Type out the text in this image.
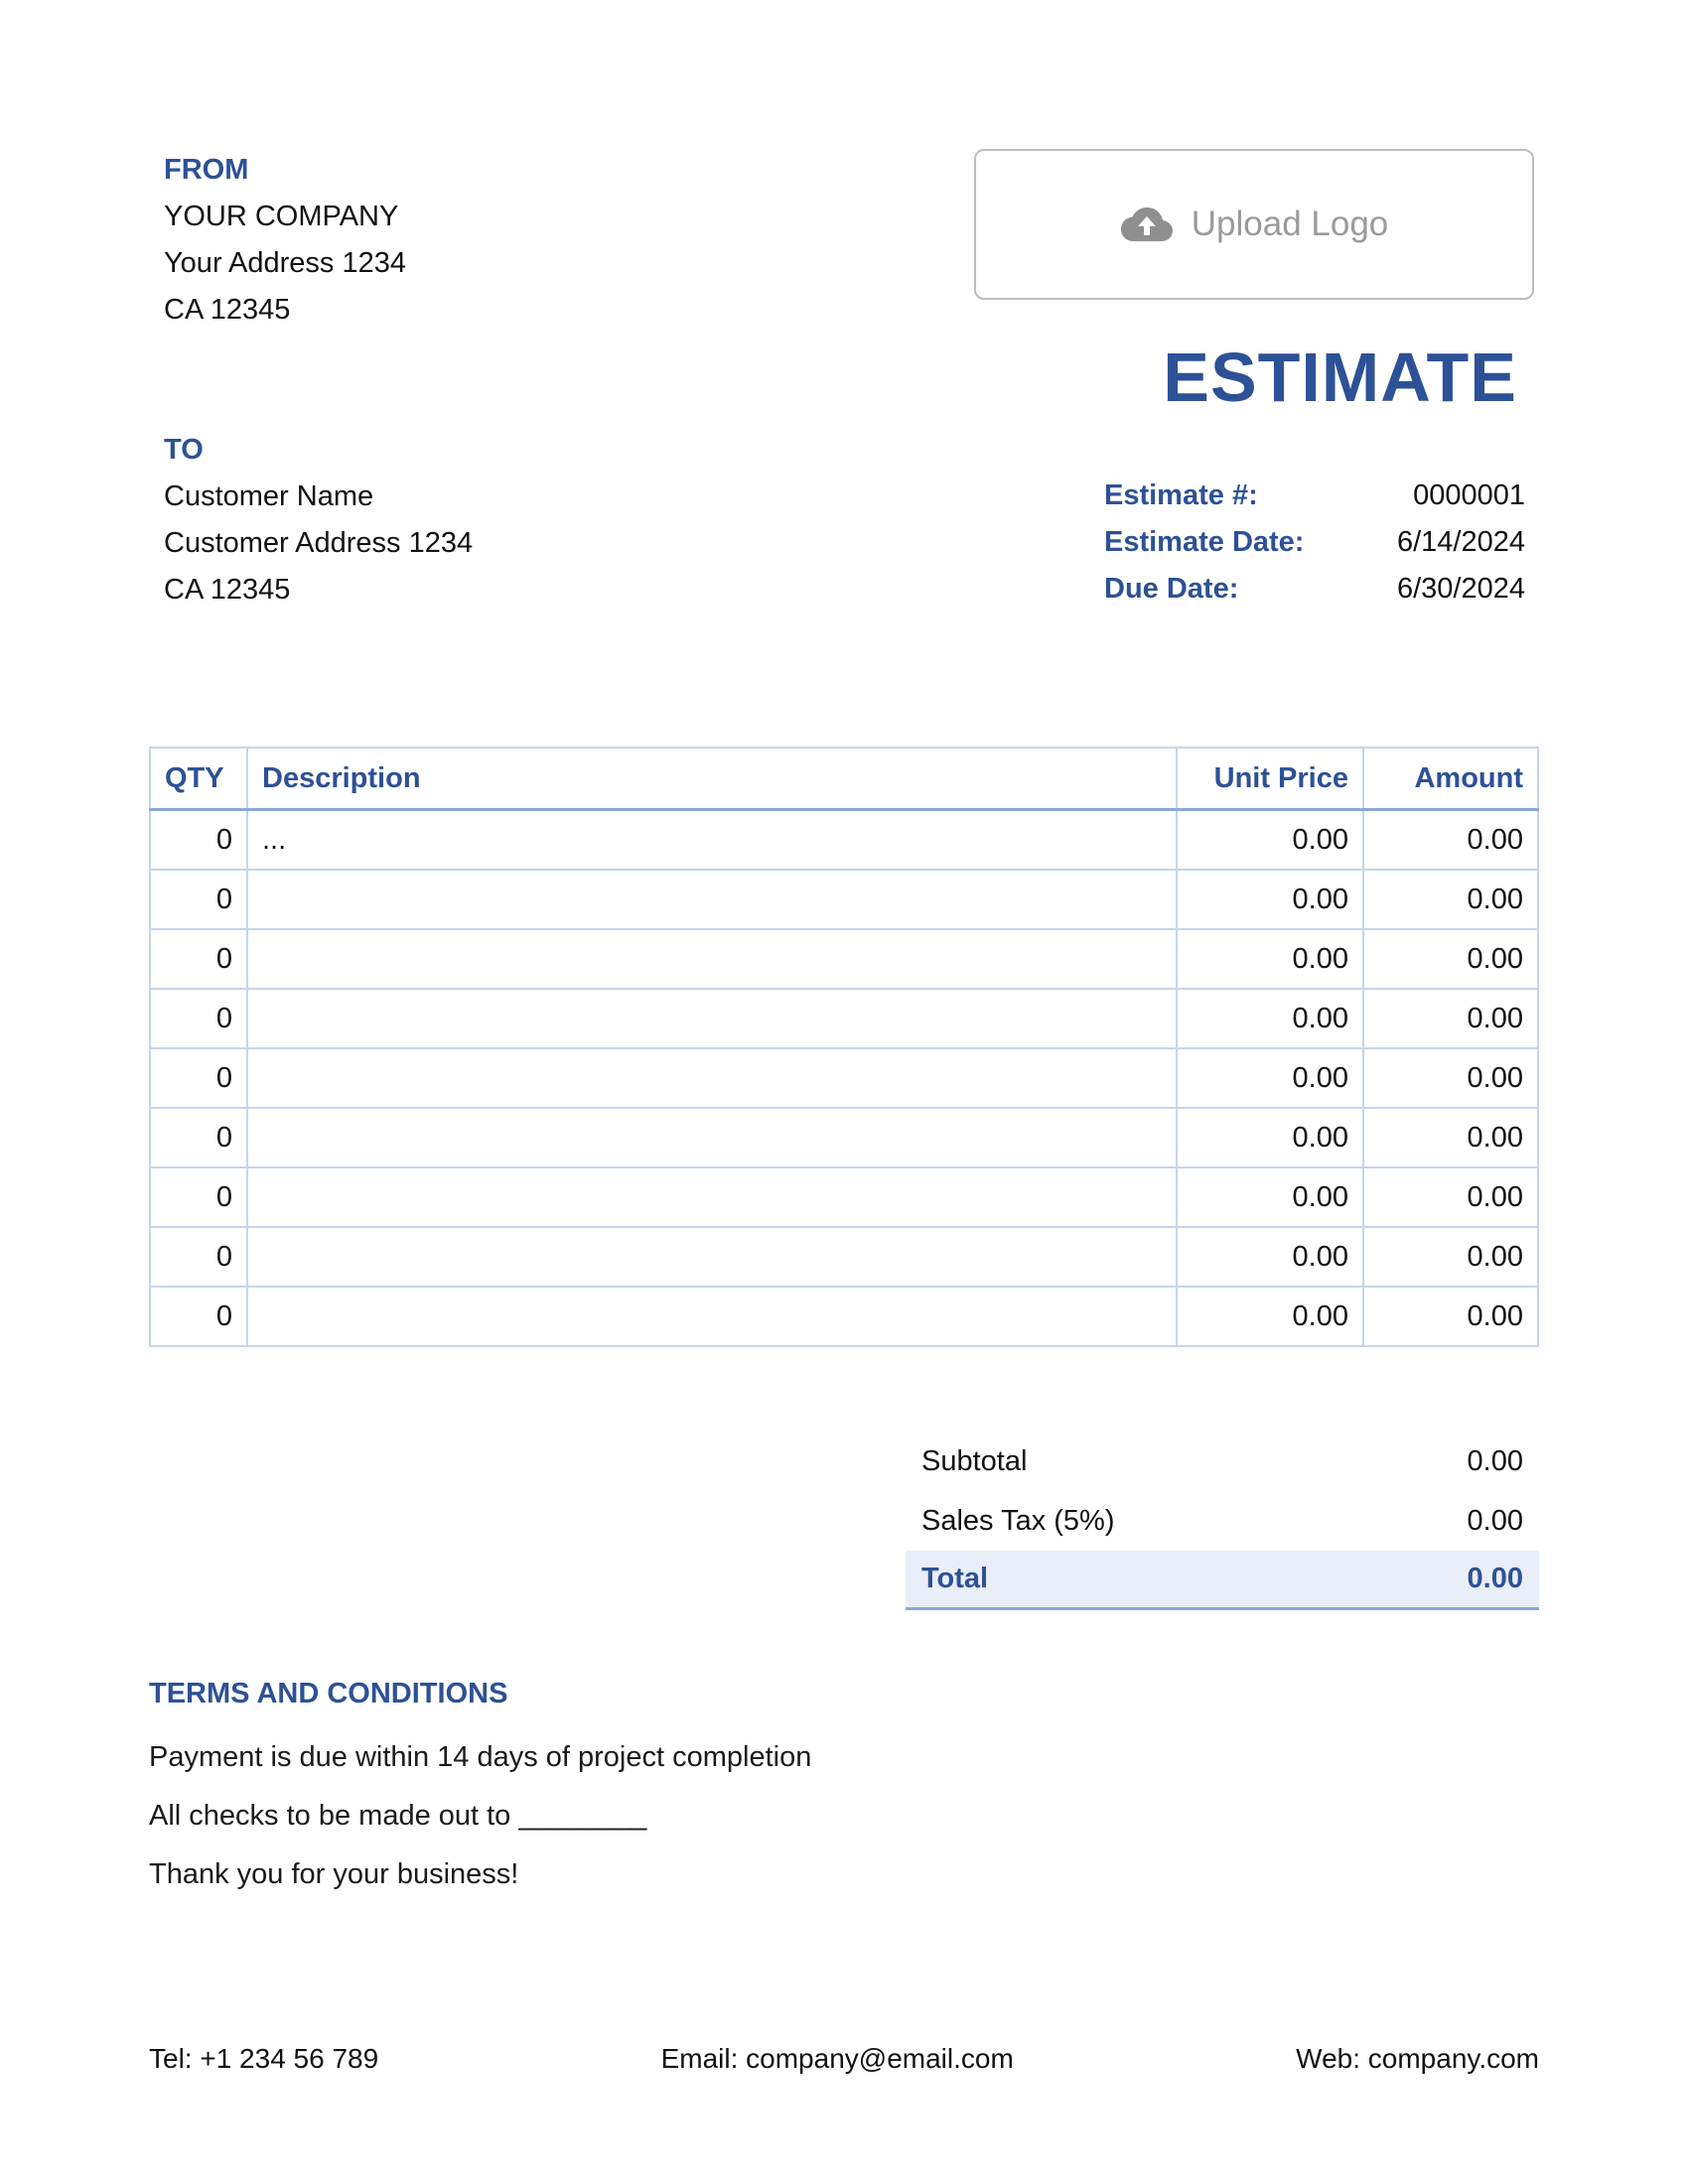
FROM
YOUR COMPANY
Your Address 1234
CA 12345
Upload Logo
ESTIMATE
TO
Customer Name
Customer Address 1234
CA 12345
Estimate #:	0000001
Estimate Date:	6/14/2024
Due Date:	6/30/2024
QTY	Description	Unit Price	Amount
0	...	0.00	0.00
0		0.00	0.00
0		0.00	0.00
0		0.00	0.00
0		0.00	0.00
0		0.00	0.00
0		0.00	0.00
0		0.00	0.00
0		0.00	0.00
Subtotal	0.00
Sales Tax (5%)	0.00
Total	0.00
TERMS AND CONDITIONS
Payment is due within 14 days of project completion
All checks to be made out to ________
Thank you for your business!
Tel: +1 234 56 789	Email: company@email.com	Web: company.com
